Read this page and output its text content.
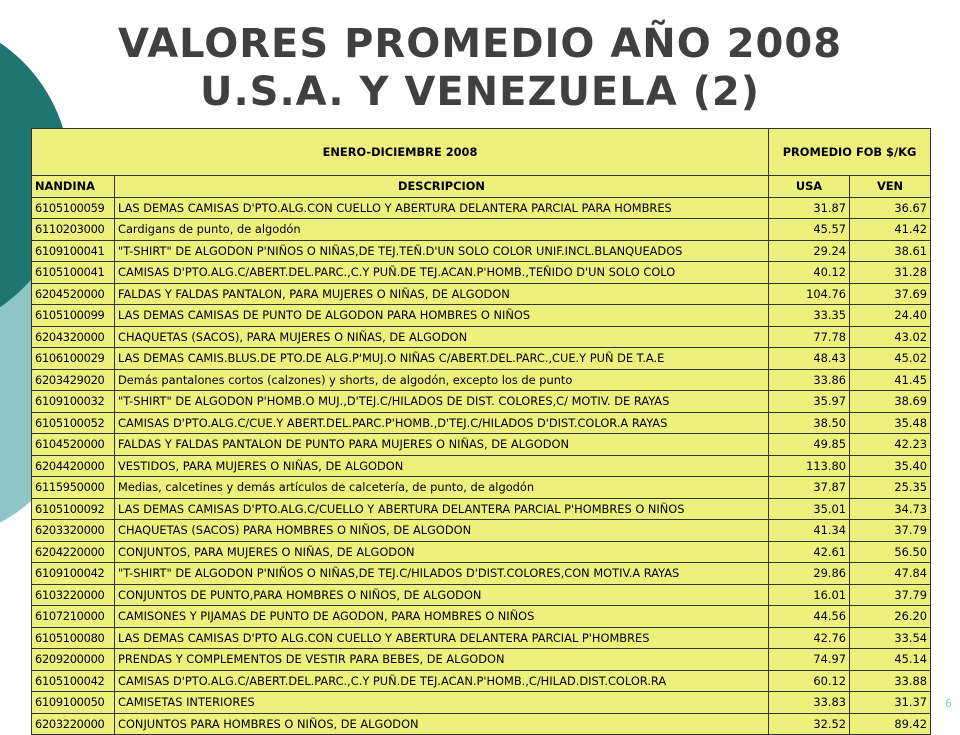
VALORES PROMEDIO AÑO 2008
U.S.A. Y VENEZUELA (2)
ENERO-DICIEMBRE 2008		PROMEDIO FOB $/KG	
NANDINA	DESCRIPCION	USA	VEN
6105100059	LAS DEMAS CAMISAS D'PTO.ALG.CON CUELLO Y ABERTURA DELANTERA PARCIAL PARA HOMBRES	31.87	36.67
6110203000	Cardigans de punto, de algodón	45.57	41.42
6109100041	"T-SHIRT" DE ALGODON P'NIÑOS O NIÑAS,DE TEJ.TEÑ.D'UN SOLO COLOR UNIF.INCL.BLANQUEADOS	29.24	38.61
6105100041	CAMISAS D'PTO.ALG.C/ABERT.DEL.PARC.,C.Y PUÑ.DE TEJ.ACAN.P'HOMB.,TEÑIDO D'UN SOLO COLO	40.12	31.28
6204520000	FALDAS Y FALDAS PANTALON, PARA MUJERES O NIÑAS, DE ALGODON	104.76	37.69
6105100099	LAS DEMAS CAMISAS DE PUNTO DE ALGODON PARA HOMBRES O NIÑOS	33.35	24.40
6204320000	CHAQUETAS (SACOS), PARA MUJERES O NIÑAS, DE ALGODON	77.78	43.02
6106100029	LAS DEMAS CAMIS.BLUS.DE PTO.DE ALG.P'MUJ.O NIÑAS C/ABERT.DEL.PARC.,CUE.Y PUÑ DE T.A.E	48.43	45.02
6203429020	Demás pantalones cortos (calzones) y shorts, de algodón, excepto los de punto	33.86	41.45
6109100032	"T-SHIRT" DE ALGODON P'HOMB.O MUJ.,D'TEJ.C/HILADOS DE DIST. COLORES,C/ MOTIV. DE RAYAS	35.97	38.69
6105100052	CAMISAS D'PTO.ALG.C/CUE.Y ABERT.DEL.PARC.P'HOMB.,D'TEJ.C/HILADOS D'DIST.COLOR.A RAYAS	38.50	35.48
6104520000	FALDAS Y FALDAS PANTALON DE PUNTO PARA MUJERES O NIÑAS, DE ALGODON	49.85	42.23
6204420000	VESTIDOS, PARA MUJERES O NIÑAS, DE ALGODON	113.80	35.40
6115950000	Medias, calcetines y demás artículos de calcetería, de punto, de algodón	37.87	25.35
6105100092	LAS DEMAS CAMISAS D'PTO.ALG.C/CUELLO Y ABERTURA DELANTERA PARCIAL P'HOMBRES O NIÑOS	35.01	34.73
6203320000	CHAQUETAS (SACOS) PARA HOMBRES O NIÑOS, DE ALGODON	41.34	37.79
6204220000	CONJUNTOS, PARA MUJERES O NIÑAS, DE ALGODON	42.61	56.50
6109100042	"T-SHIRT" DE ALGODON P'NIÑOS O NIÑAS,DE TEJ.C/HILADOS D'DIST.COLORES,CON MOTIV.A RAYAS	29.86	47.84
6103220000	CONJUNTOS DE PUNTO,PARA HOMBRES O NIÑOS, DE ALGODON	16.01	37.79
6107210000	CAMISONES Y PIJAMAS DE PUNTO DE AGODON, PARA HOMBRES O NIÑOS	44.56	26.20
6105100080	LAS DEMAS CAMISAS D'PTO ALG.CON CUELLO Y ABERTURA DELANTERA PARCIAL P'HOMBRES	42.76	33.54
6209200000	PRENDAS Y COMPLEMENTOS DE VESTIR PARA BEBES, DE ALGODON	74.97	45.14
6105100042	CAMISAS D'PTO.ALG.C/ABERT.DEL.PARC.,C.Y PUÑ.DE TEJ.ACAN.P'HOMB.,C/HILAD.DIST.COLOR.RA	60.12	33.88
6109100050	CAMISETAS INTERIORES	33.83	31.37
6203220000	CONJUNTOS PARA HOMBRES O NIÑOS, DE ALGODON	32.52	89.42
6
